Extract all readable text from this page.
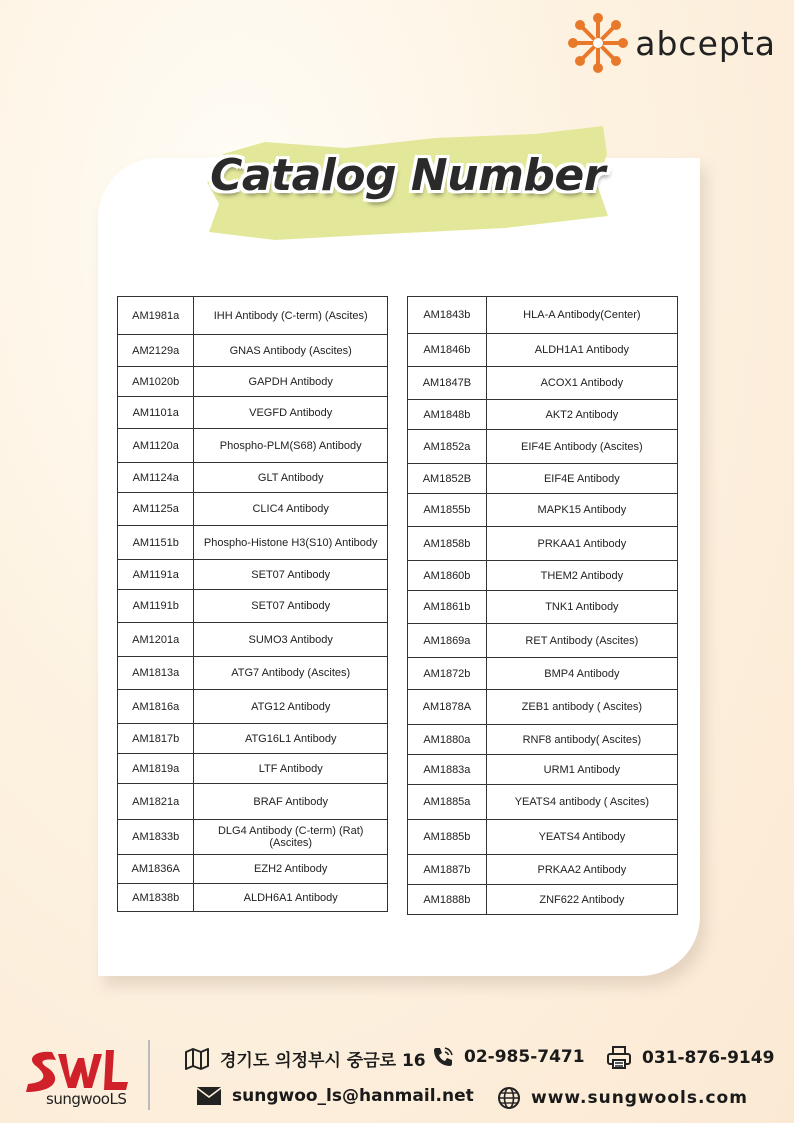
abcepta
Catalog Number
AM1981a	IHH Antibody (C-term) (Ascites)
AM2129a	GNAS Antibody (Ascites)
AM1020b	GAPDH Antibody
AM1101a	VEGFD Antibody
AM1120a	Phospho-PLM(S68) Antibody
AM1124a	GLT Antibody
AM1125a	CLIC4 Antibody
AM1151b	Phospho-Histone H3(S10) Antibody
AM1191a	SET07 Antibody
AM1191b	SET07 Antibody
AM1201a	SUMO3 Antibody
AM1813a	ATG7 Antibody (Ascites)
AM1816a	ATG12 Antibody
AM1817b	ATG16L1 Antibody
AM1819a	LTF Antibody
AM1821a	BRAF Antibody
AM1833b	DLG4 Antibody (C-term) (Rat) (Ascites)
AM1836A	EZH2 Antibody
AM1838b	ALDH6A1 Antibody
AM1843b	HLA-A Antibody(Center)
AM1846b	ALDH1A1 Antibody
AM1847B	ACOX1 Antibody
AM1848b	AKT2 Antibody
AM1852a	EIF4E Antibody (Ascites)
AM1852B	EIF4E Antibody
AM1855b	MAPK15 Antibody
AM1858b	PRKAA1 Antibody
AM1860b	THEM2 Antibody
AM1861b	TNK1 Antibody
AM1869a	RET Antibody (Ascites)
AM1872b	BMP4 Antibody
AM1878A	ZEB1 antibody ( Ascites)
AM1880a	RNF8 antibody( Ascites)
AM1883a	URM1 Antibody
AM1885a	YEATS4 antibody ( Ascites)
AM1885b	YEATS4 Antibody
AM1887b	PRKAA2 Antibody
AM1888b	ZNF622 Antibody
sungwooLS
경기도 의정부시 중금로 16 02-985-7471	031-876-9149
sungwoo_ls@hanmail.net	www.sungwools.com
